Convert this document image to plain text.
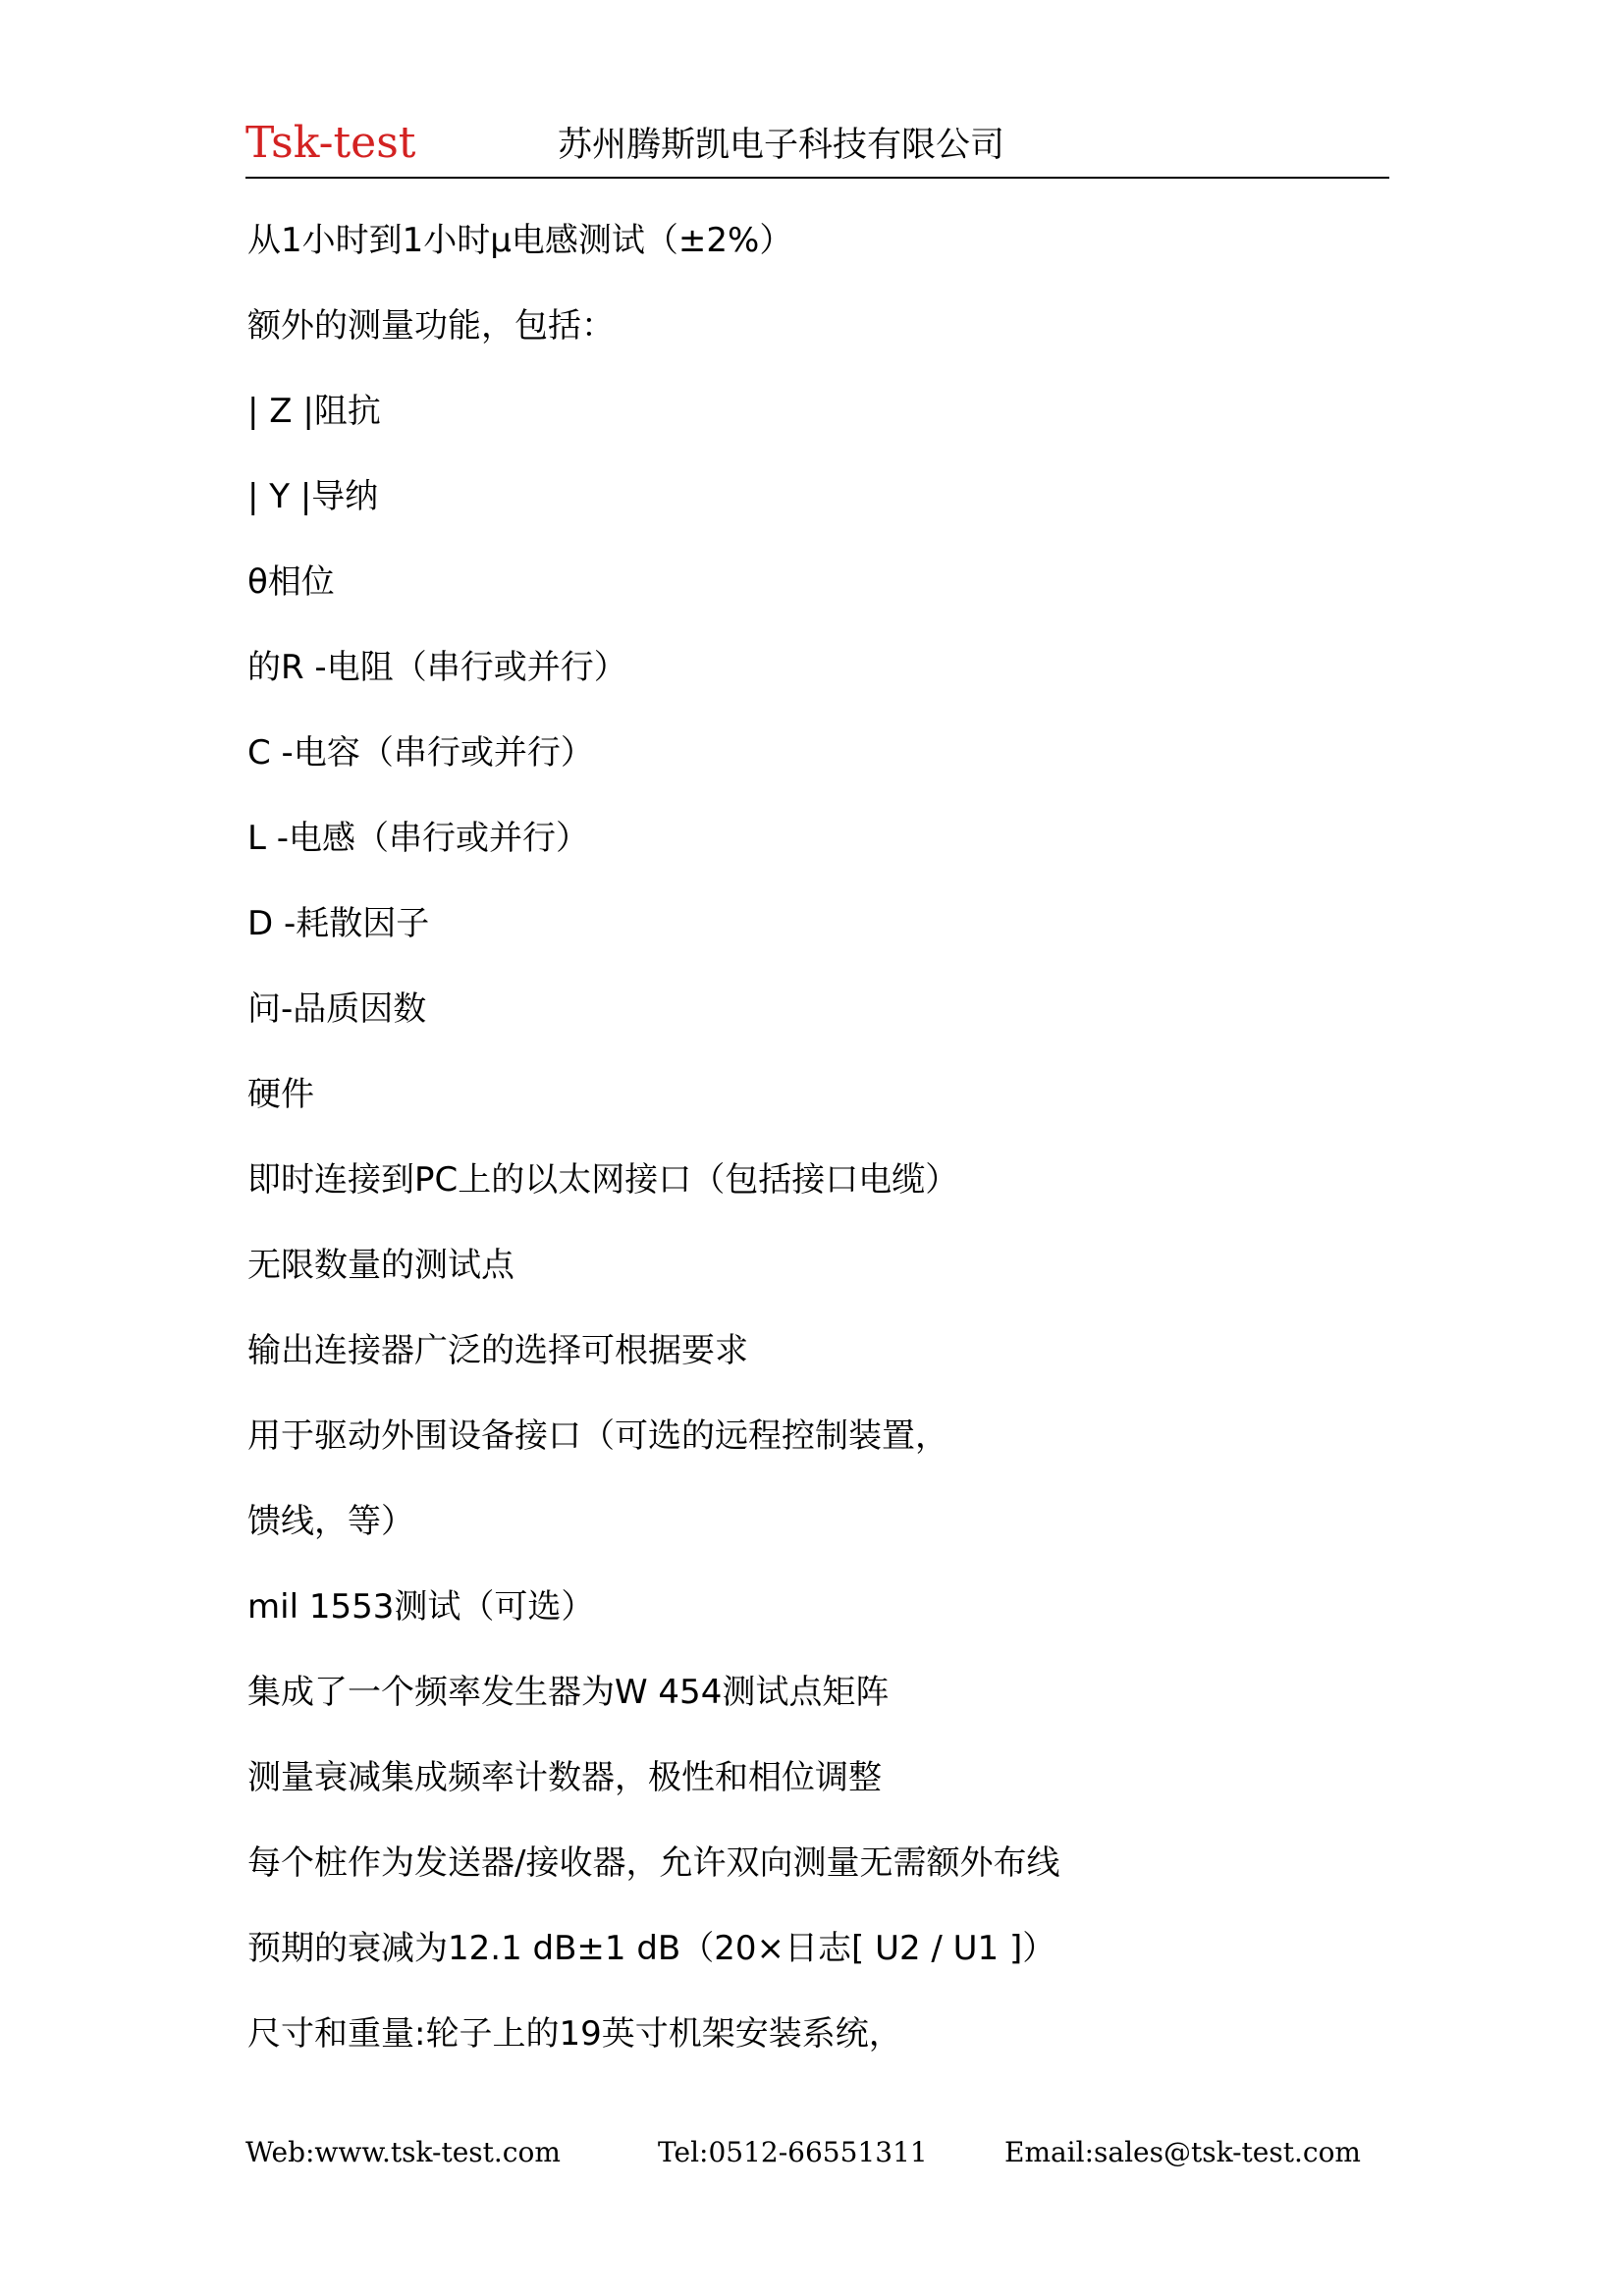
Tsk-test	苏州腾斯凯电子科技有限公司
从1小时到1小时μ电感测试（±2%）
额外的测量功能，包括：
| Z |阻抗
| Y |导纳
θ相位
的R -电阻（串行或并行）
C -电容（串行或并行）
L -电感（串行或并行）
D -耗散因子
问-品质因数
硬件
即时连接到PC上的以太网接口（包括接口电缆）
无限数量的测试点
输出连接器广泛的选择可根据要求
用于驱动外围设备接口（可选的远程控制装置，
馈线，等）
mil 1553测试（可选）
集成了一个频率发生器为W 454测试点矩阵
测量衰减集成频率计数器，极性和相位调整
每个桩作为发送器/接收器，允许双向测量无需额外布线
预期的衰减为12.1 dB±1 dB（20×日志[ U2 / U1 ]）
尺寸和重量:轮子上的19英寸机架安装系统，
Web:www.tsk-test.com	Tel:0512-66551311	Email:sales@tsk-test.com
